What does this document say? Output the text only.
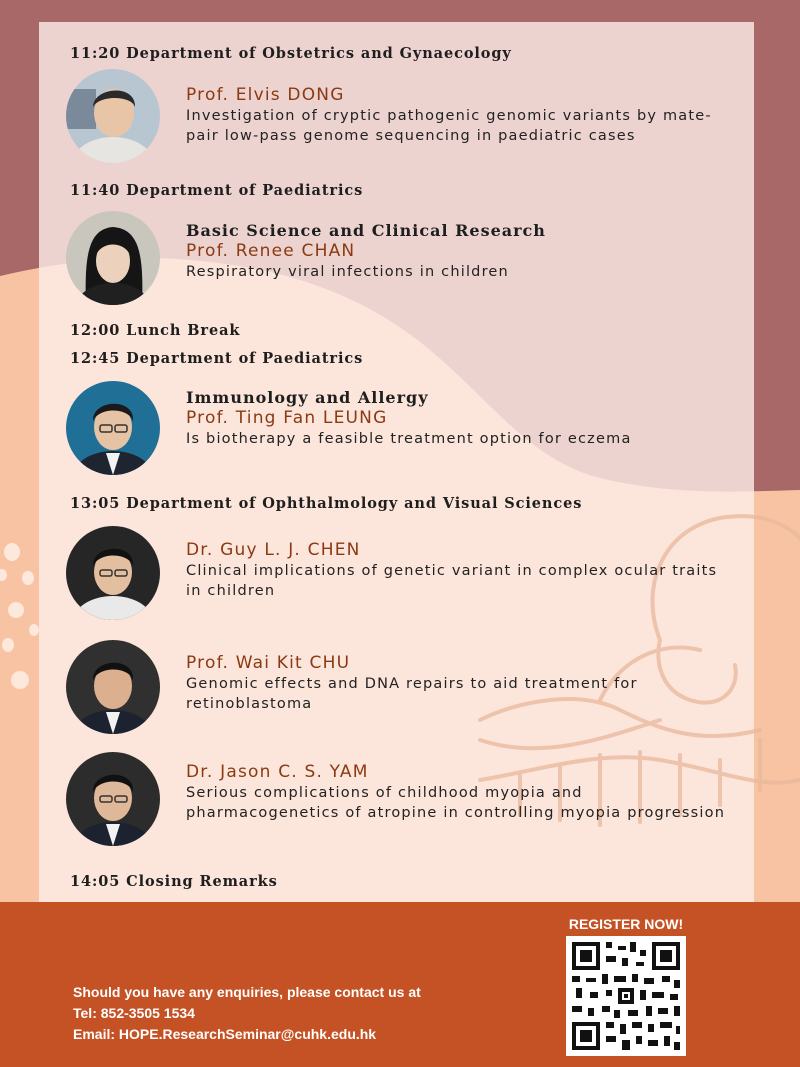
11:20 Department of Obstetrics and Gynaecology
11:40 Department of Paediatrics
12:00 Lunch Break
12:45 Department of Paediatrics
13:05 Department of Ophthalmology and Visual Sciences
14:05 Closing Remarks
Prof. Elvis DONG
Investigation of cryptic pathogenic genomic variants by mate-pair low-pass genome sequencing in paediatric cases
Basic Science and Clinical Research
Prof. Renee CHAN
Respiratory viral infections in children
Immunology and Allergy
Prof. Ting Fan LEUNG
Is biotherapy a feasible treatment option for eczema
Dr. Guy L. J. CHEN
Clinical implications of genetic variant in complex ocular traits in children
Prof. Wai Kit CHU
Genomic effects and DNA repairs to aid treatment for retinoblastoma
Dr. Jason C. S. YAM
Serious complications of childhood myopia and pharmacogenetics of atropine in controlling myopia progression
Should you have any enquiries, please contact us at
Tel: 852-3505 1534
Email: HOPE.ResearchSeminar@cuhk.edu.hk
REGISTER NOW!
